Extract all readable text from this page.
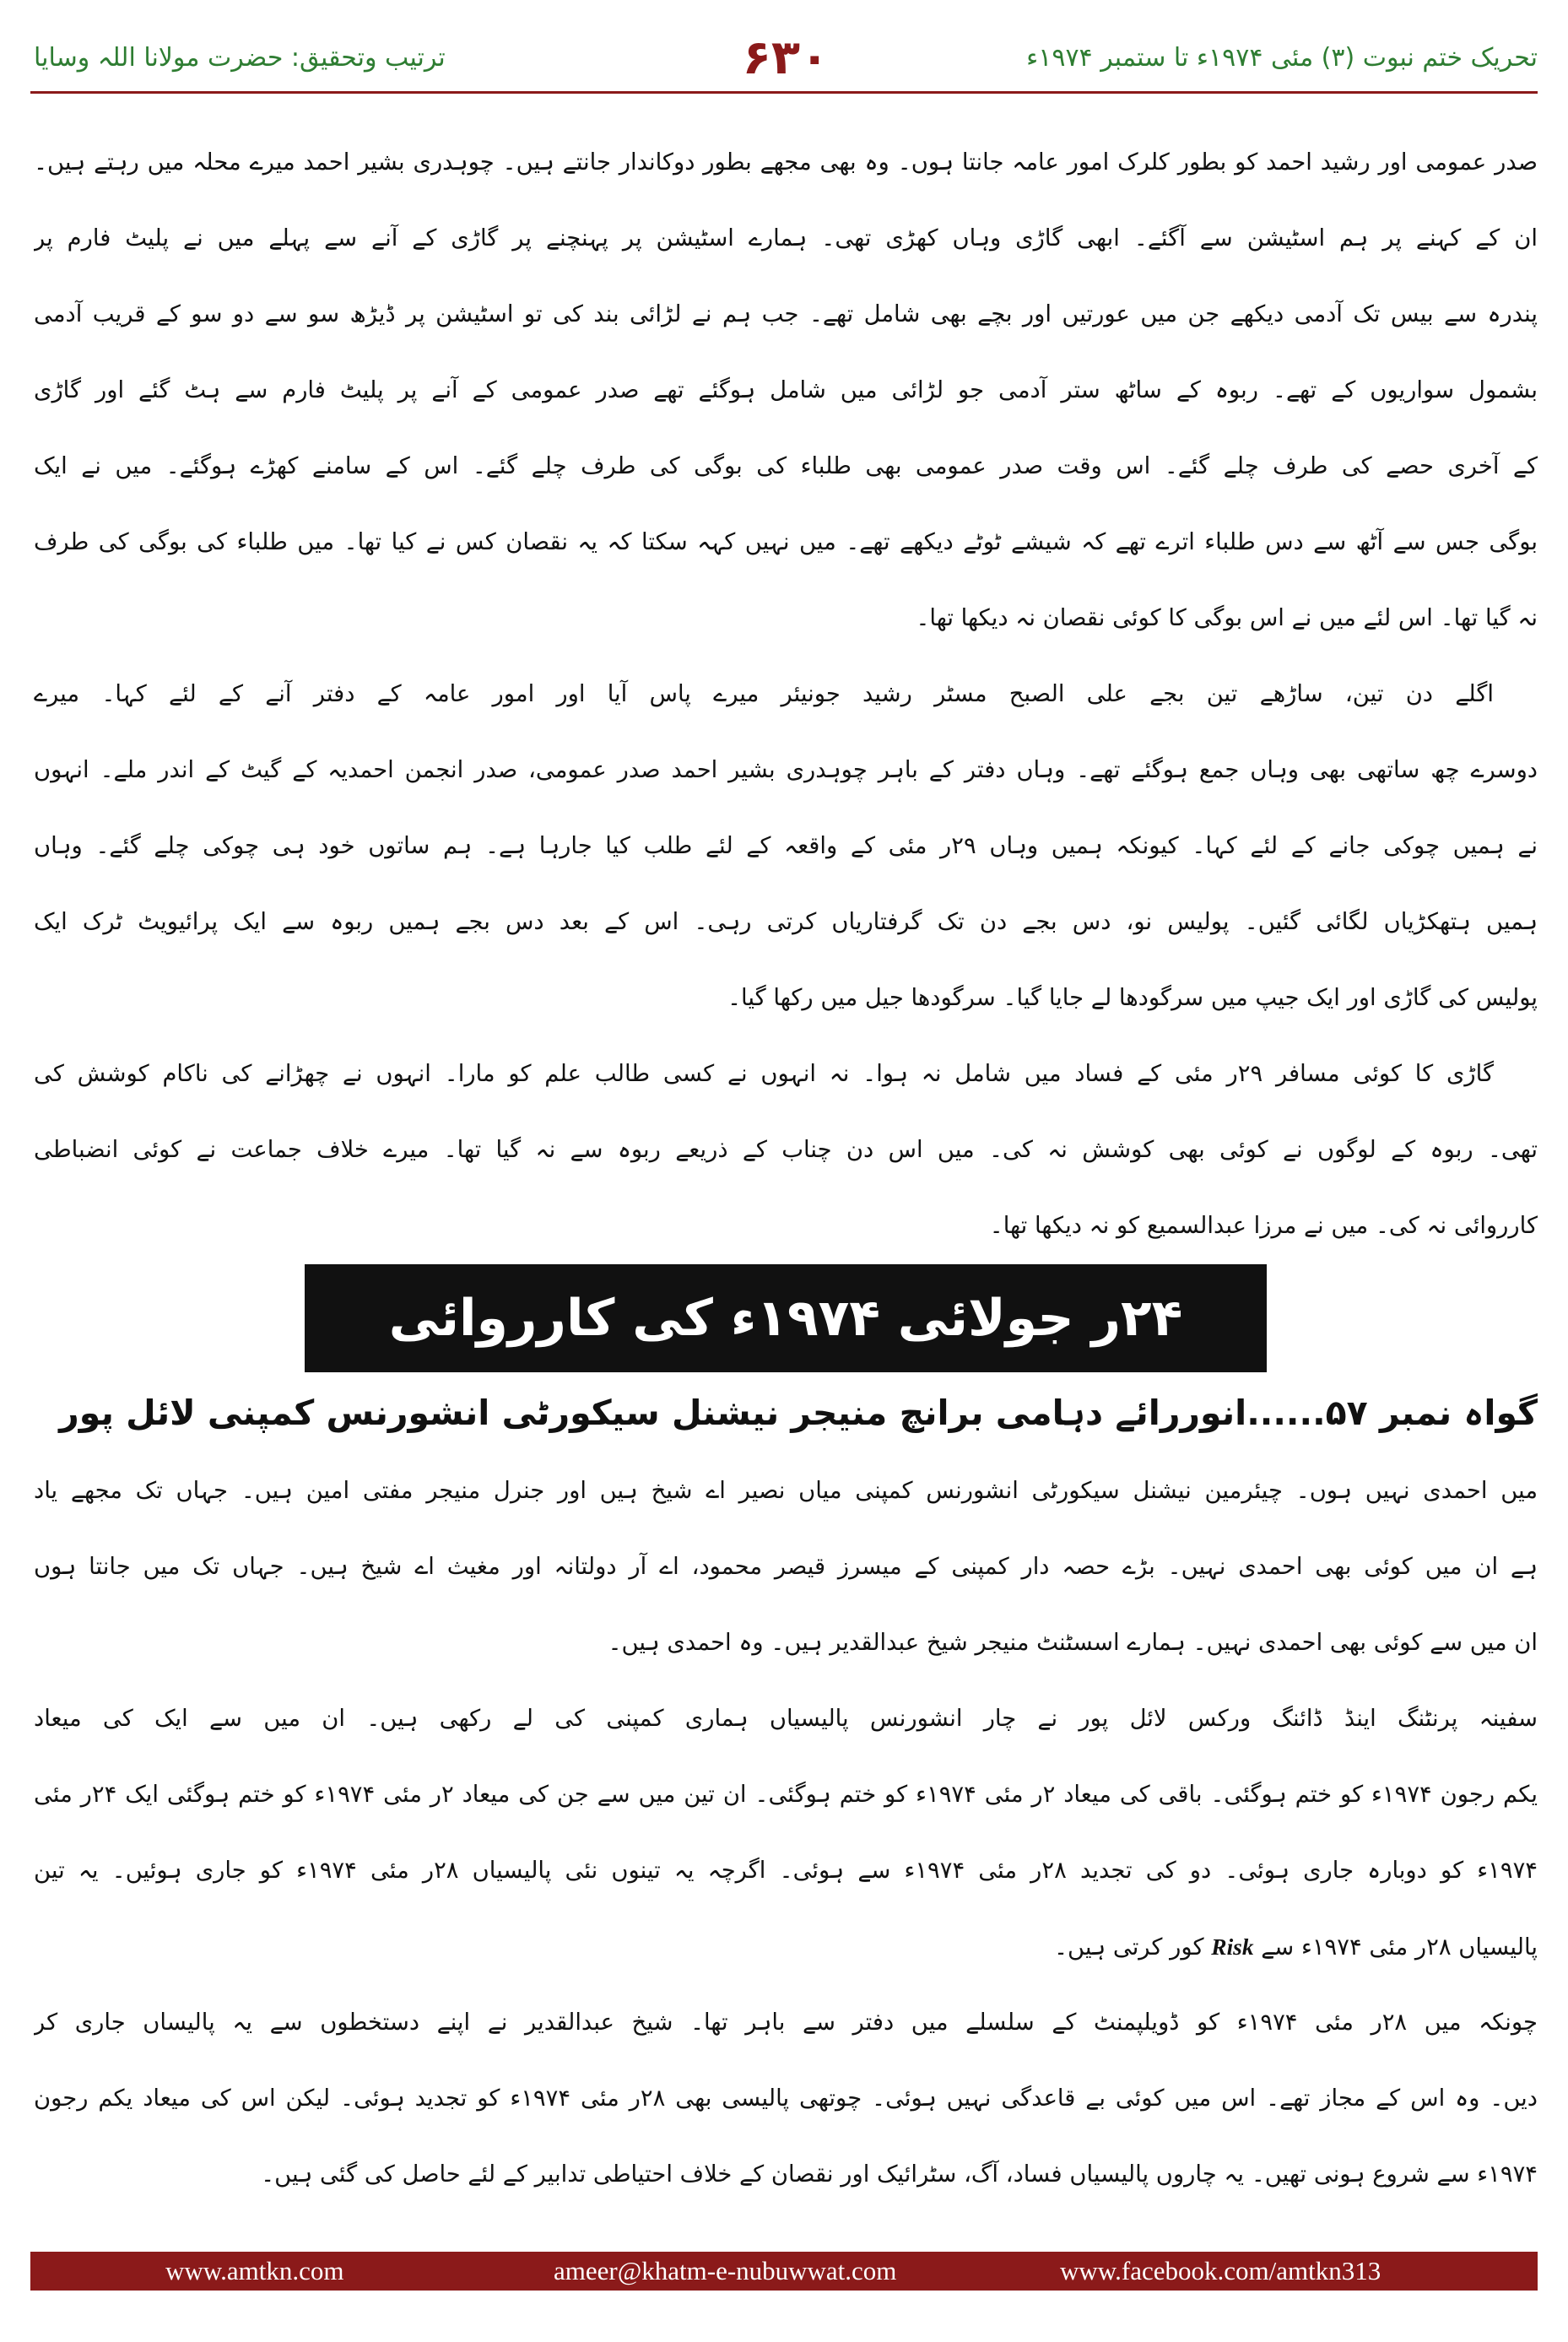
تحریک ختم نبوت (۳) مئی ۱۹۷۴ء تا ستمبر ۱۹۷۴ء
۶۳۰
ترتیب وتحقیق: حضرت مولانا اللہ وسایا
صدر عمومی اور رشید احمد کو بطور کلرک امور عامہ جانتا ہوں۔ وہ بھی مجھے بطور دوکاندار جانتے ہیں۔ چوہدری بشیر احمد میرے محلہ میں رہتے ہیں۔
ان کے کہنے پر ہم اسٹیشن سے آگئے۔ ابھی گاڑی وہاں کھڑی تھی۔ ہمارے اسٹیشن پر پہنچنے پر گاڑی کے آنے سے پہلے میں نے پلیٹ فارم پر
پندرہ سے بیس تک آدمی دیکھے جن میں عورتیں اور بچے بھی شامل تھے۔ جب ہم نے لڑائی بند کی تو اسٹیشن پر ڈیڑھ سو سے دو سو کے قریب آدمی
بشمول سواریوں کے تھے۔ ربوہ کے ساٹھ ستر آدمی جو لڑائی میں شامل ہوگئے تھے صدر عمومی کے آنے پر پلیٹ فارم سے ہٹ گئے اور گاڑی
کے آخری حصے کی طرف چلے گئے۔ اس وقت صدر عمومی بھی طلباء کی بوگی کی طرف چلے گئے۔ اس کے سامنے کھڑے ہوگئے۔ میں نے ایک
بوگی جس سے آٹھ سے دس طلباء اترے تھے کہ شیشے ٹوٹے دیکھے تھے۔ میں نہیں کہہ سکتا کہ یہ نقصان کس نے کیا تھا۔ میں طلباء کی بوگی کی طرف
نہ گیا تھا۔ اس لئے میں نے اس بوگی کا کوئی نقصان نہ دیکھا تھا۔
اگلے دن تین، ساڑھے تین بجے علی الصبح مسٹر رشید جونیئر میرے پاس آیا اور امور عامہ کے دفتر آنے کے لئے کہا۔ میرے
دوسرے چھ ساتھی بھی وہاں جمع ہوگئے تھے۔ وہاں دفتر کے باہر چوہدری بشیر احمد صدر عمومی، صدر انجمن احمدیہ کے گیٹ کے اندر ملے۔ انہوں
نے ہمیں چوکی جانے کے لئے کہا۔ کیونکہ ہمیں وہاں ۲۹ر مئی کے واقعہ کے لئے طلب کیا جارہا ہے۔ ہم ساتوں خود ہی چوکی چلے گئے۔ وہاں
ہمیں ہتھکڑیاں لگائی گئیں۔ پولیس نو، دس بجے دن تک گرفتاریاں کرتی رہی۔ اس کے بعد دس بجے ہمیں ربوہ سے ایک پرائیویٹ ٹرک ایک
پولیس کی گاڑی اور ایک جیپ میں سرگودھا لے جایا گیا۔ سرگودھا جیل میں رکھا گیا۔
گاڑی کا کوئی مسافر ۲۹ر مئی کے فساد میں شامل نہ ہوا۔ نہ انہوں نے کسی طالب علم کو مارا۔ انہوں نے چھڑانے کی ناکام کوشش کی
تھی۔ ربوہ کے لوگوں نے کوئی بھی کوشش نہ کی۔ میں اس دن چناب کے ذریعے ربوہ سے نہ گیا تھا۔ میرے خلاف جماعت نے کوئی انضباطی
کارروائی نہ کی۔ میں نے مرزا عبدالسمیع کو نہ دیکھا تھا۔
۲۴ر جولائی ۱۹۷۴ء کی کارروائی
گواہ نمبر ۵۷......انوررائے دہامی برانچ منیجر نیشنل سیکورٹی انشورنس کمپنی لائل پور
میں احمدی نہیں ہوں۔ چیئرمین نیشنل سیکورٹی انشورنس کمپنی میاں نصیر اے شیخ ہیں اور جنرل منیجر مفتی امین ہیں۔ جہاں تک مجھے یاد
ہے ان میں کوئی بھی احمدی نہیں۔ بڑے حصہ دار کمپنی کے میسرز قیصر محمود، اے آر دولتانہ اور مغیث اے شیخ ہیں۔ جہاں تک میں جانتا ہوں
ان میں سے کوئی بھی احمدی نہیں۔ ہمارے اسسٹنٹ منیجر شیخ عبدالقدیر ہیں۔ وہ احمدی ہیں۔
سفینہ پرنٹنگ اینڈ ڈائنگ ورکس لائل پور نے چار انشورنس پالیسیاں ہماری کمپنی کی لے رکھی ہیں۔ ان میں سے ایک کی میعاد
یکم رجون ۱۹۷۴ء کو ختم ہوگئی۔ باقی کی میعاد ۲ر مئی ۱۹۷۴ء کو ختم ہوگئی۔ ان تین میں سے جن کی میعاد ۲ر مئی ۱۹۷۴ء کو ختم ہوگئی ایک ۲۴ر مئی
۱۹۷۴ء کو دوبارہ جاری ہوئی۔ دو کی تجدید ۲۸ر مئی ۱۹۷۴ء سے ہوئی۔ اگرچہ یہ تینوں نئی پالیسیاں ۲۸ر مئی ۱۹۷۴ء کو جاری ہوئیں۔ یہ تین
پالیسیاں ۲۸ر مئی ۱۹۷۴ء سے Risk کور کرتی ہیں۔
چونکہ میں ۲۸ر مئی ۱۹۷۴ء کو ڈویلپمنٹ کے سلسلے میں دفتر سے باہر تھا۔ شیخ عبدالقدیر نے اپنے دستخطوں سے یہ پالیساں جاری کر
دیں۔ وہ اس کے مجاز تھے۔ اس میں کوئی بے قاعدگی نہیں ہوئی۔ چوتھی پالیسی بھی ۲۸ر مئی ۱۹۷۴ء کو تجدید ہوئی۔ لیکن اس کی میعاد یکم رجون
۱۹۷۴ء سے شروع ہونی تھیں۔ یہ چاروں پالیسیاں فساد، آگ، سٹرائیک اور نقصان کے خلاف احتیاطی تدابیر کے لئے حاصل کی گئی ہیں۔
www.amtkn.com	ameer@khatm-e-nubuwwat.com	www.facebook.com/amtkn313
